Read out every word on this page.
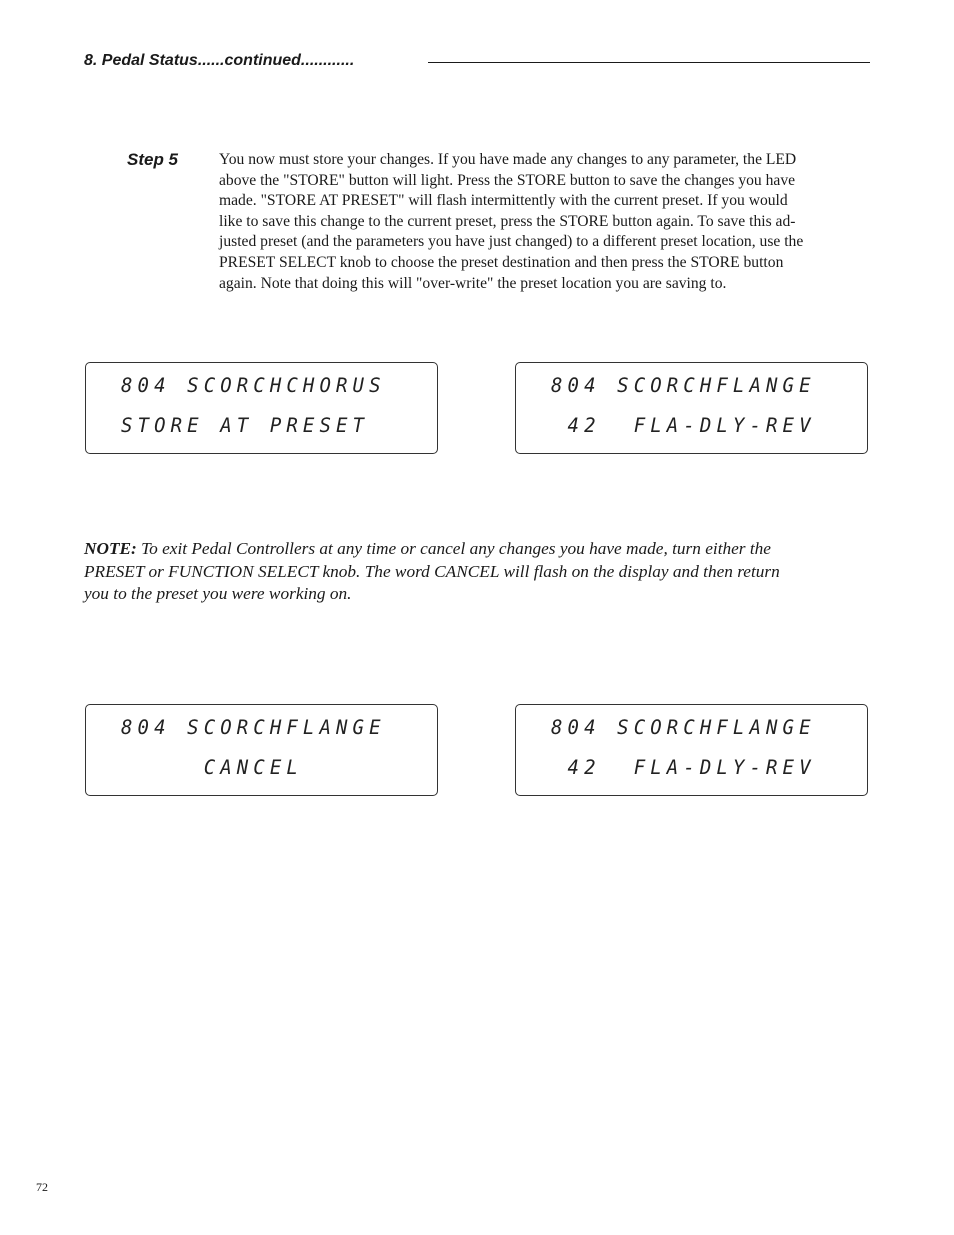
8. Pedal Status......continued............
Step 5	You now must store your changes. If you have made any changes to any parameter, the LED
above the "STORE" button will light. Press the STORE button to save the changes you have
made. "STORE AT PRESET" will flash intermittently with the current preset. If you would
like to save this change to the current preset, press the STORE button again. To save this ad-
justed preset (and the parameters you have just changed) to a different preset location, use the
PRESET SELECT knob to choose the preset destination and then press the STORE button
again. Note that doing this will "over-write" the preset location you are saving to.
804 SCORCHCHORUS
STORE AT PRESET
804 SCORCHFLANGE
42  FLA-DLY-REV
NOTE: To exit Pedal Controllers at any time or cancel any changes you have made, turn either the
PRESET or FUNCTION SELECT knob. The word CANCEL will flash on the display and then return
you to the preset you were working on.
804 SCORCHFLANGE
CANCEL
804 SCORCHFLANGE
42  FLA-DLY-REV
72
